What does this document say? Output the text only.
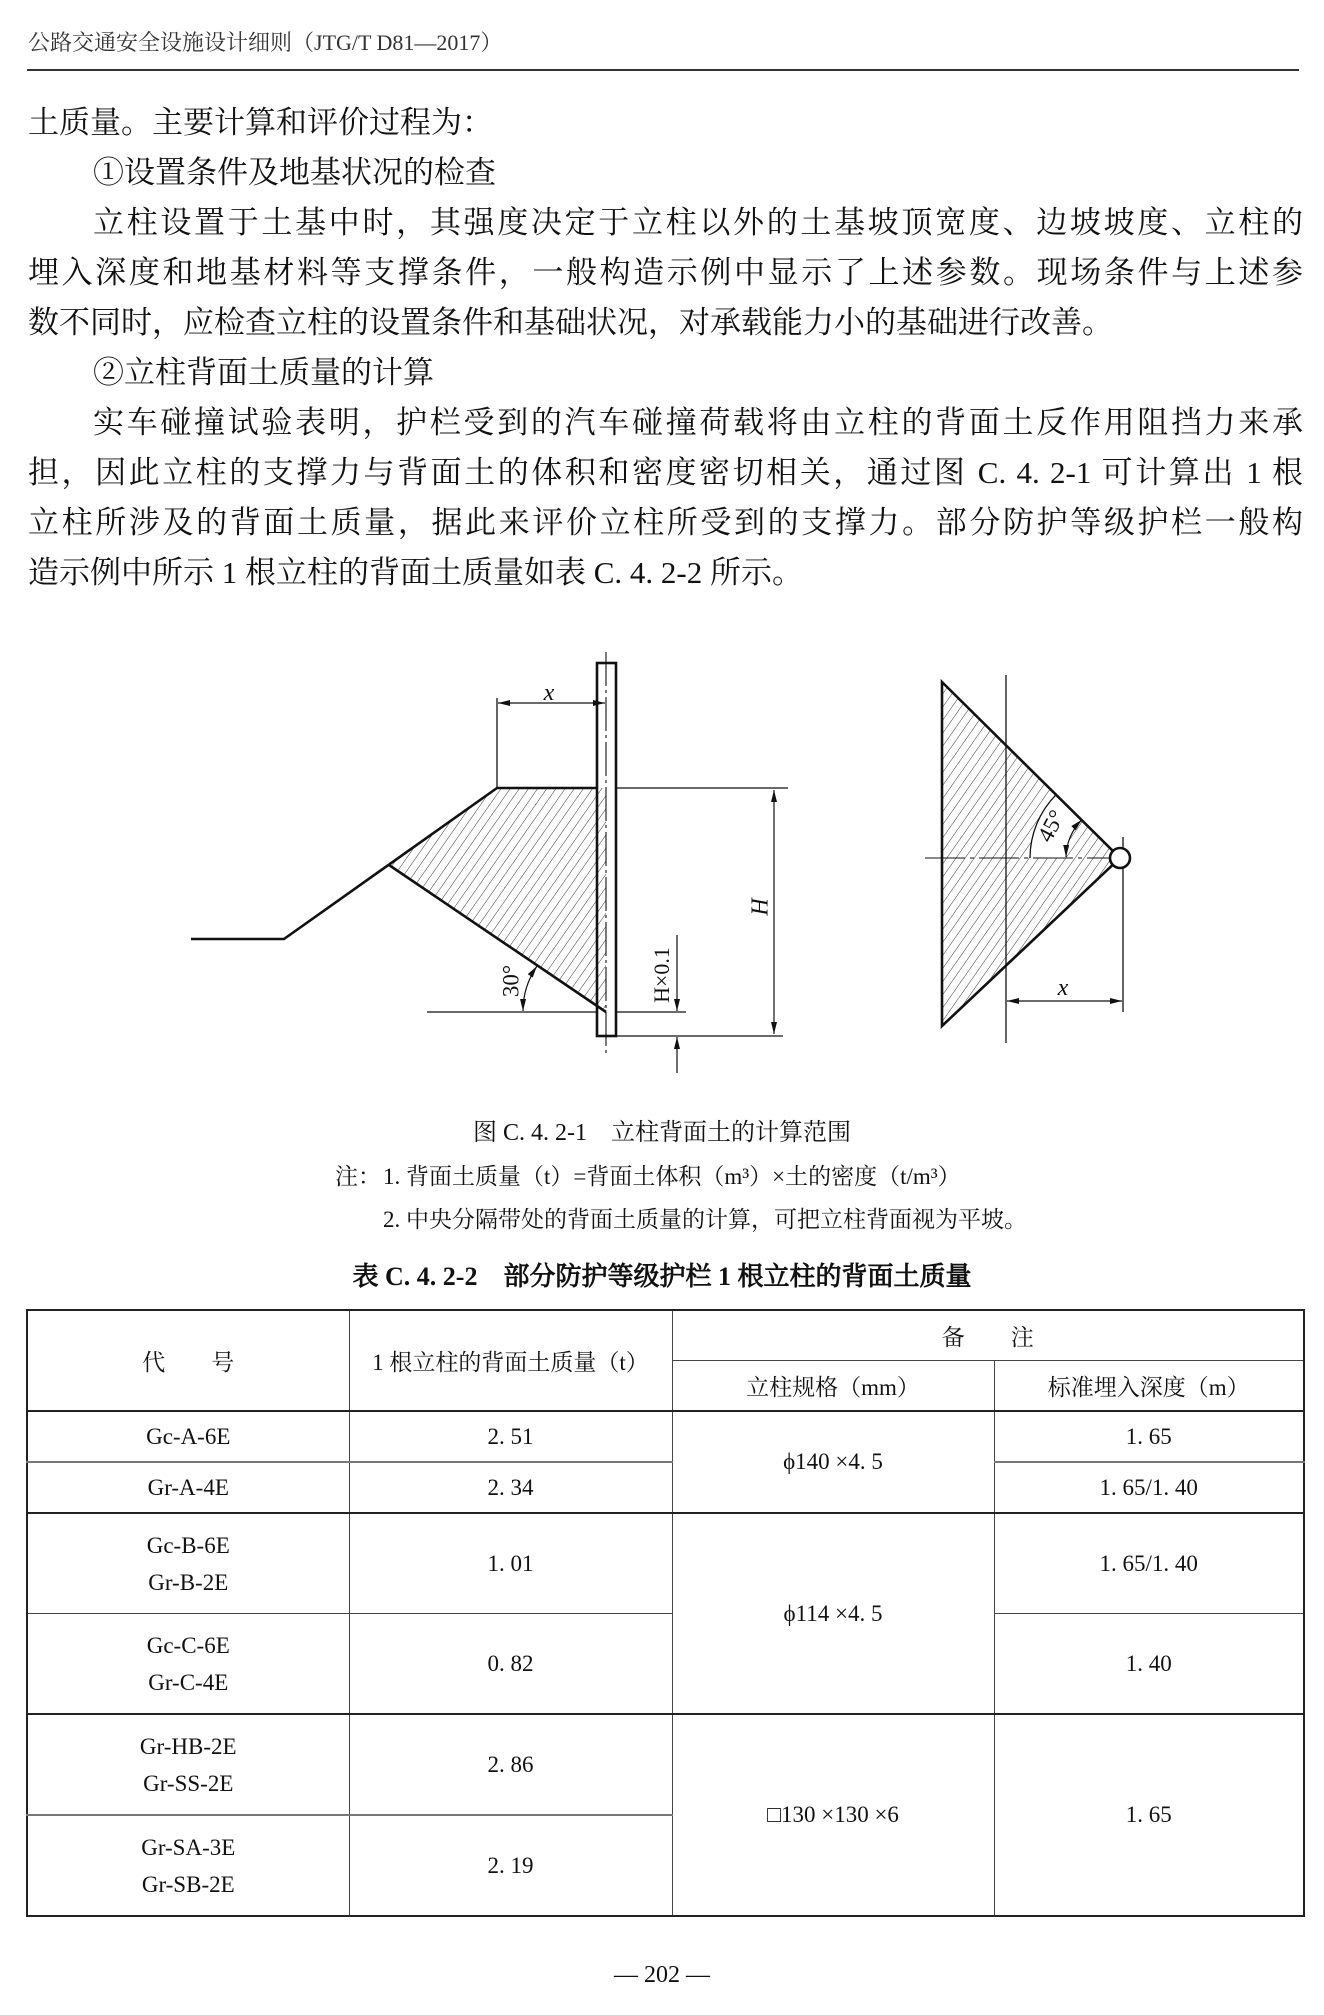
公路交通安全设施设计细则（JTG/T D81—2017）
土质量。主要计算和评价过程为：
①设置条件及地基状况的检查
立柱设置于土基中时，其强度决定于立柱以外的土基坡顶宽度、边坡坡度、立柱的
埋入深度和地基材料等支撑条件，一般构造示例中显示了上述参数。现场条件与上述参
数不同时，应检查立柱的设置条件和基础状况，对承载能力小的基础进行改善。
②立柱背面土质量的计算
实车碰撞试验表明，护栏受到的汽车碰撞荷载将由立柱的背面土反作用阻挡力来承
担，因此立柱的支撑力与背面土的体积和密度密切相关，通过图 C. 4. 2-1 可计算出 1 根
立柱所涉及的背面土质量，据此来评价立柱所受到的支撑力。部分防护等级护栏一般构
造示例中所示 1 根立柱的背面土质量如表 C. 4. 2-2 所示。
x
H
H×0.1
30°
45°
x
图 C. 4. 2-1　立柱背面土的计算范围
注： 1. 背面土质量（t）=背面土体积（m³）×土的密度（t/m³）
2. 中央分隔带处的背面土质量的计算，可把立柱背面视为平坡。
表 C. 4. 2-2　部分防护等级护栏 1 根立柱的背面土质量
代　　号	1 根立柱的背面土质量（t）	备　　注	
		立柱规格（mm）	标准埋入深度（m）

Gc-A-6E	2. 51	ϕ140 ×4. 5	1. 65

Gr-A-4E	2. 34		1. 65/1. 40

Gc-B-6E
Gr-B-2E	1. 01	ϕ114 ×4. 5	1. 65/1. 40

Gc-C-6E
Gr-C-4E	0. 82		1. 40

Gr-HB-2E
Gr-SS-2E	2. 86	□130 ×130 ×6	1. 65

Gr-SA-3E
Gr-SB-2E	2. 19		
— 202 —
